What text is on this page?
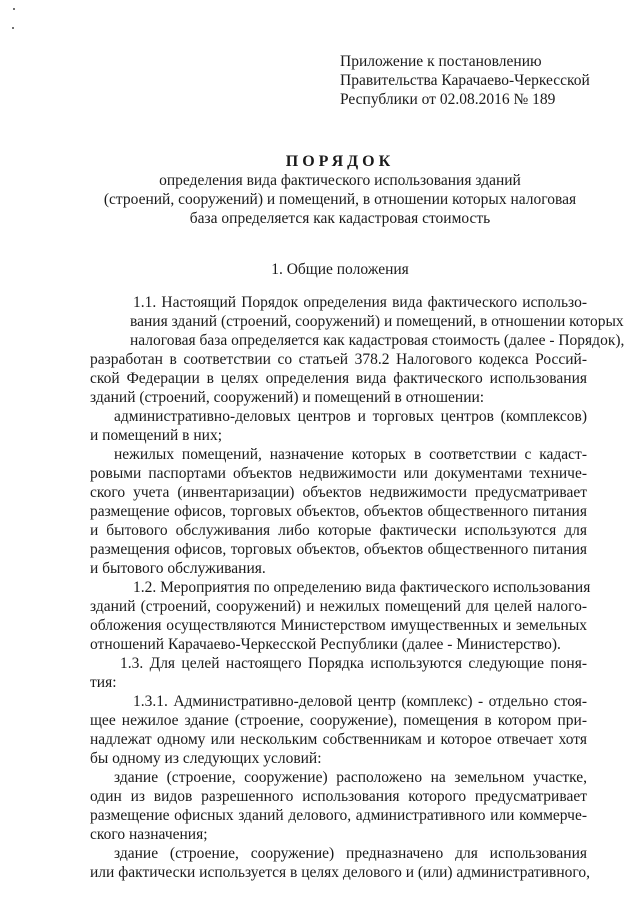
Приложение к постановлению
Правительства Карачаево-Черкесской
Республики от 02.08.2016 № 189
ПОРЯДОК
определения вида фактического использования зданий
(строений, сооружений) и помещений, в отношении которых налоговая
база определяется как кадастровая стоимость
1. Общие положения
1.1. Настоящий Порядок определения вида фактического использо-
вания зданий (строений, сооружений) и помещений, в отношении которых
налоговая база определяется как кадастровая стоимость (далее - Порядок),
разработан в соответствии со статьей 378.2 Налогового кодекса Россий-
ской Федерации в целях определения вида фактического использования
зданий (строений, сооружений) и помещений в отношении:
административно-деловых центров и торговых центров (комплексов)
и помещений в них;
нежилых помещений, назначение которых в соответствии с кадаст-
ровыми паспортами объектов недвижимости или документами техниче-
ского учета (инвентаризации) объектов недвижимости предусматривает
размещение офисов, торговых объектов, объектов общественного питания
и бытового обслуживания либо которые фактически используются для
размещения офисов, торговых объектов, объектов общественного питания
и бытового обслуживания.
1.2. Мероприятия по определению вида фактического использования
зданий (строений, сооружений) и нежилых помещений для целей налого-
обложения осуществляются Министерством имущественных и земельных
отношений Карачаево-Черкесской Республики (далее - Министерство).
1.3. Для целей настоящего Порядка используются следующие поня-
тия:
1.3.1. Административно-деловой центр (комплекс) - отдельно стоя-
щее нежилое здание (строение, сооружение), помещения в котором при-
надлежат одному или нескольким собственникам и которое отвечает хотя
бы одному из следующих условий:
здание (строение, сооружение) расположено на земельном участке,
один из видов разрешенного использования которого предусматривает
размещение офисных зданий делового, административного или коммерче-
ского назначения;
здание (строение, сооружение) предназначено для использования
или фактически используется в целях делового и (или) административного,
